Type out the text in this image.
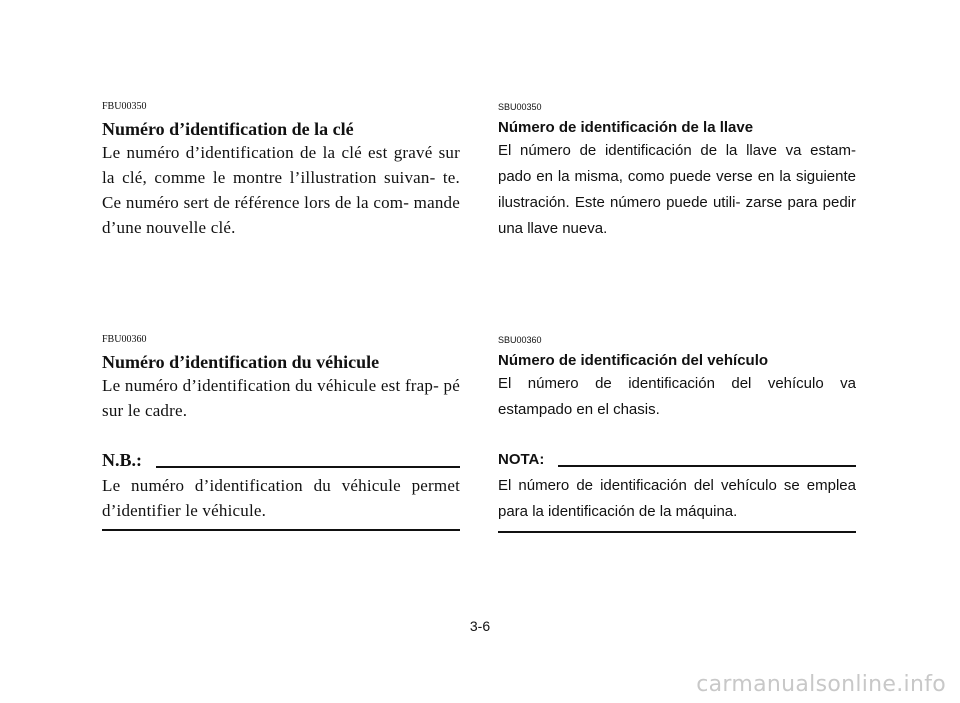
FBU00350
Numéro d’identification de la clé
Le numéro d’identification de la clé est gravé sur la clé, comme le montre l’illustration suivan- te. Ce numéro sert de référence lors de la com- mande d’une nouvelle clé.
SBU00350
Número de identificación de la llave
El número de identificación de la llave va estam- pado en la misma, como puede verse en la siguiente ilustración. Este número puede utili- zarse para pedir una llave nueva.
FBU00360
Numéro d’identification du véhicule
Le numéro d’identification du véhicule est frap- pé sur le cadre.
SBU00360
Número de identificación del vehículo
El número de identificación del vehículo va estampado en el chasis.
N.B.:
Le numéro d’identification du véhicule permet d’identifier le véhicule.
NOTA:
El número de identificación del vehículo se emplea para la identificación de la máquina.
3-6
carmanualsonline.info
